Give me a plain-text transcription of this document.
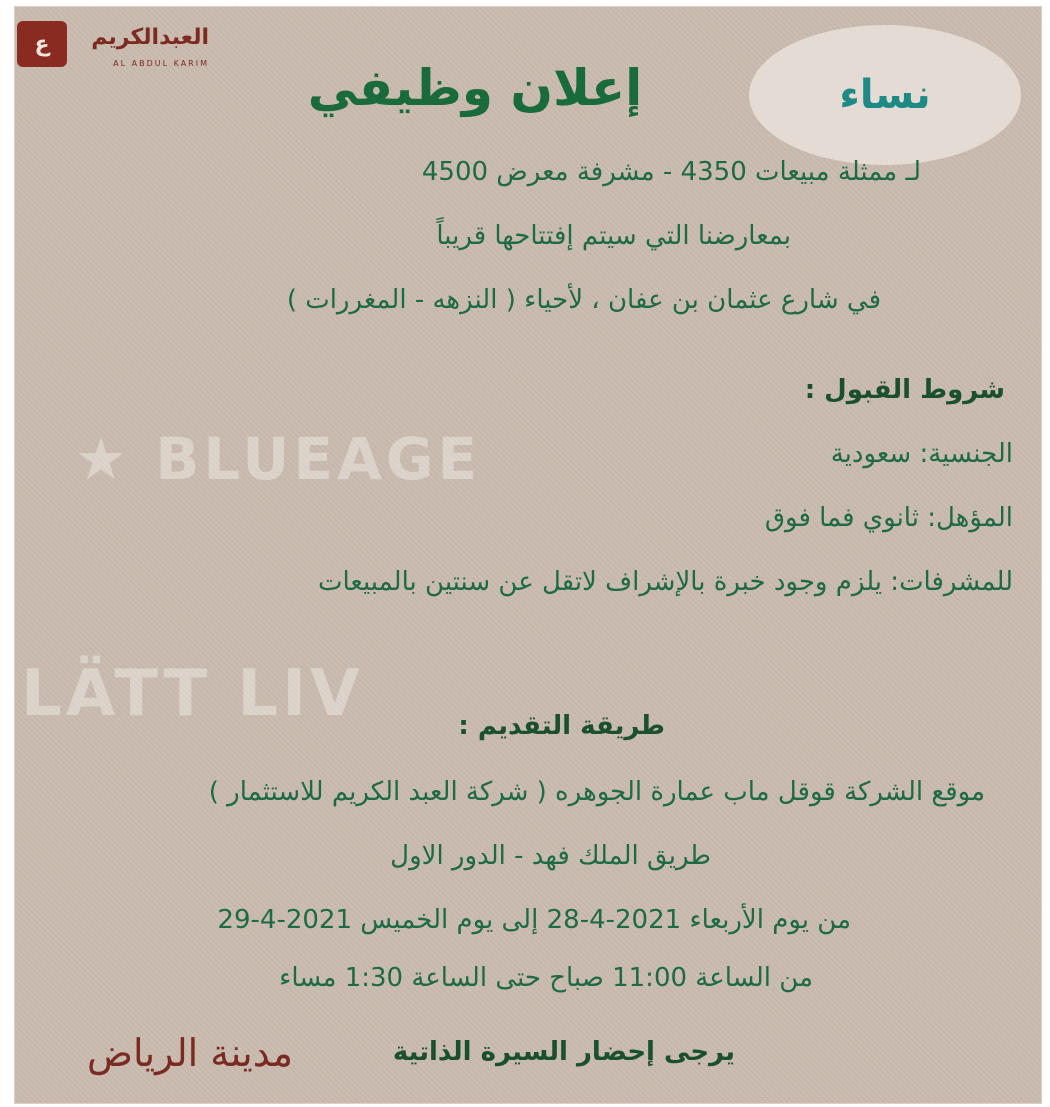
ع	العبدالكريم
AL ABDUL KARIM
نساء
إعلان وظيفي
لـ ممثلة مبيعات 4350 - مشرفة معرض 4500
بمعارضنا التي سيتم إفتتاحها قريباً
في شارع عثمان بن عفان ، لأحياء ( النزهه - المغررات )
شروط القبول :
★ BLUEAGE	الجنسية: سعودية
المؤهل: ثانوي فما فوق
للمشرفات: يلزم وجود خبرة بالإشراف لاتقل عن سنتين بالمبيعات
LÄTT LIV	طريقة التقديم :
موقع الشركة قوقل ماب عمارة الجوهره ( شركة العبد الكريم للاستثمار )
طريق الملك فهد - الدور الاول
من يوم الأربعاء 2021-4-28 إلى يوم الخميس 2021-4-29
من الساعة 11:00 صباح حتى الساعة 1:30 مساء
يرجى إحضار السيرة الذاتية
مدينة الرياض
